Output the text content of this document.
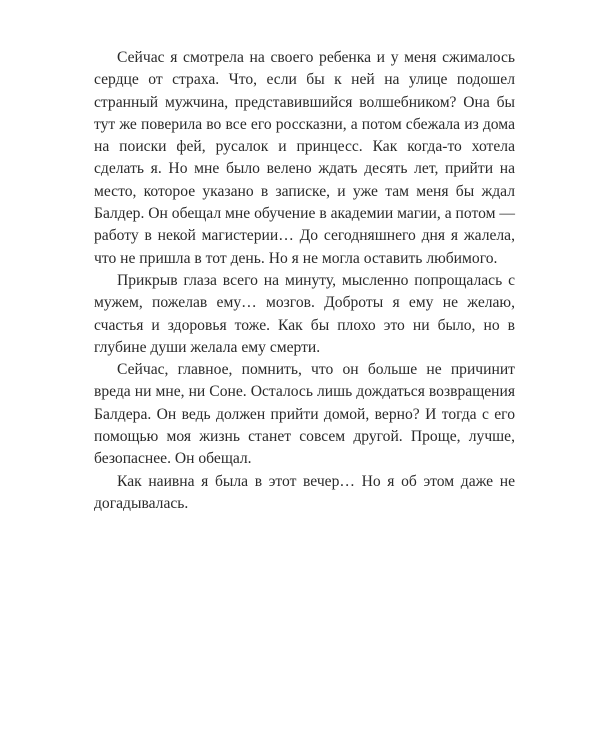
Сейчас я смотрела на своего ребенка и у меня сжималось сердце от страха. Что, если бы к ней на улице подошел странный мужчина, представившийся волшебником? Она бы тут же поверила во все его россказни, а потом сбежала из дома на поиски фей, русалок и принцесс. Как когда-то хотела сделать я. Но мне было велено ждать десять лет, прийти на место, которое указано в записке, и уже там меня бы ждал Балдер. Он обещал мне обучение в академии магии, а потом — работу в некой магистерии… До сегодняшнего дня я жалела, что не пришла в тот день. Но я не могла оставить любимого.

Прикрыв глаза всего на минуту, мысленно попрощалась с мужем, пожелав ему… мозгов. Доброты я ему не желаю, счастья и здоровья тоже. Как бы плохо это ни было, но в глубине души желала ему смерти.

Сейчас, главное, помнить, что он больше не причинит вреда ни мне, ни Соне. Осталось лишь дождаться возвращения Балдера. Он ведь должен прийти домой, верно? И тогда с его помощью моя жизнь станет совсем другой. Проще, лучше, безопаснее. Он обещал.

Как наивна я была в этот вечер… Но я об этом даже не догадывалась.
